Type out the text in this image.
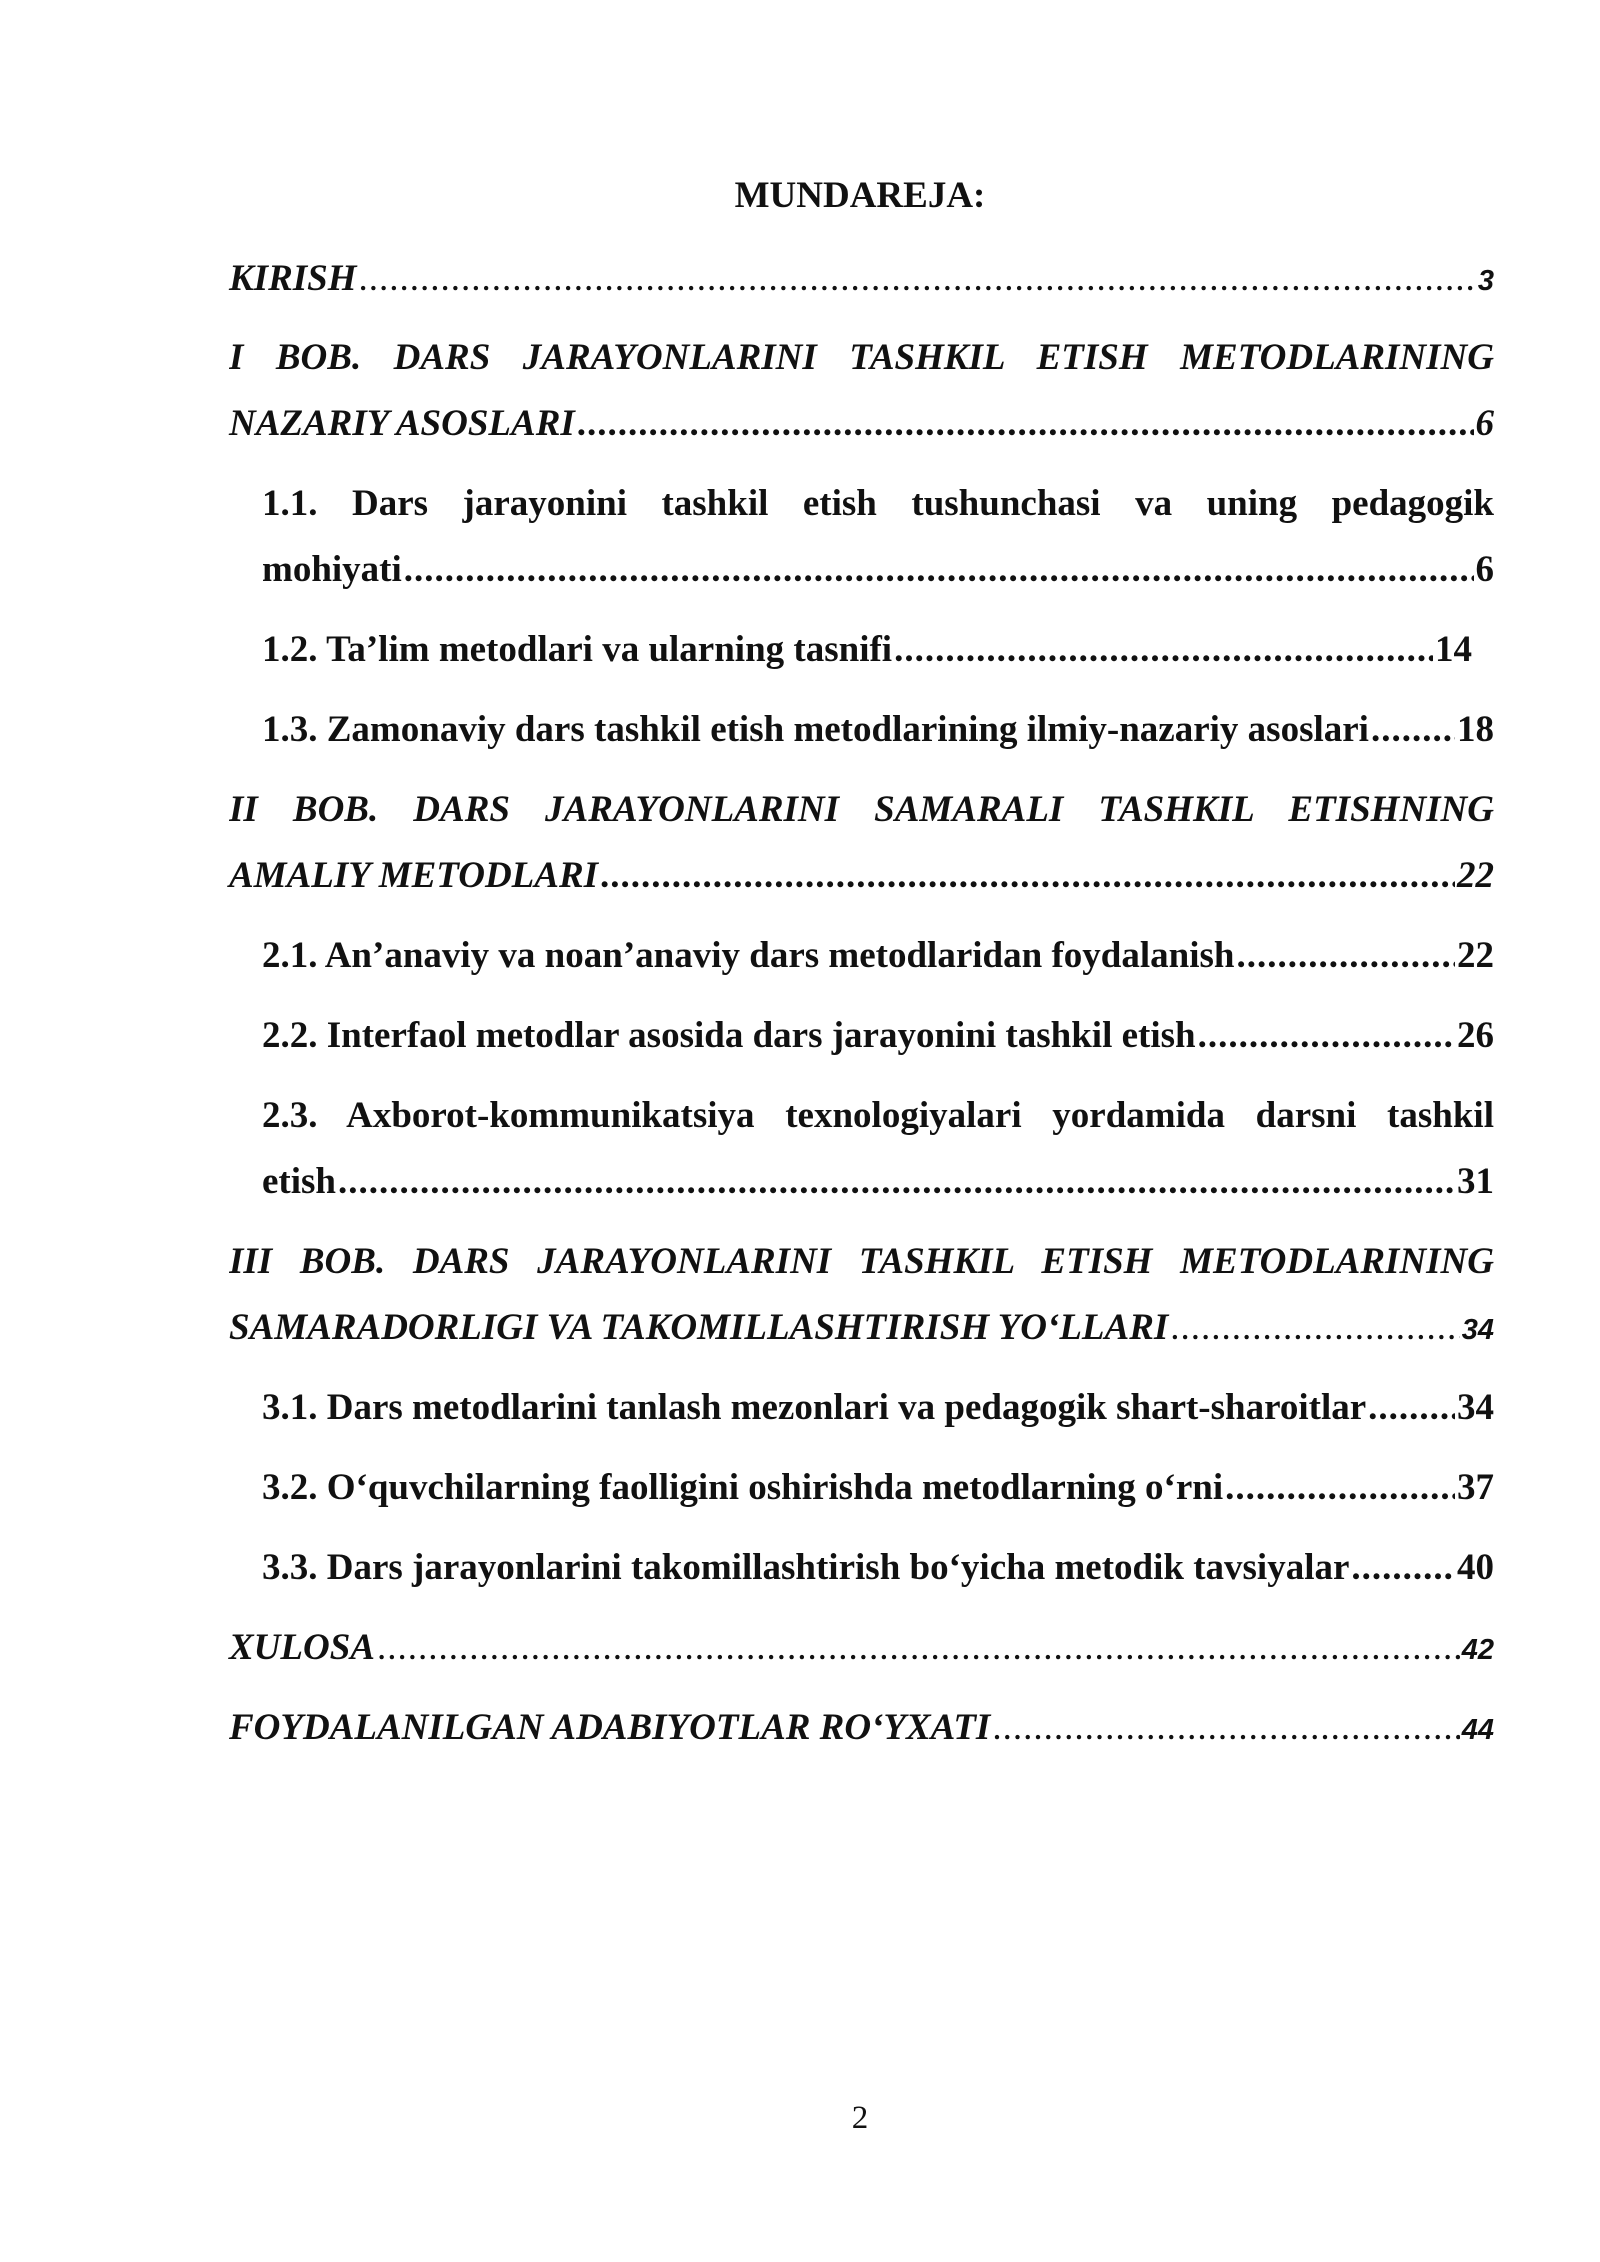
MUNDAREJA:
KIRISH .....	3
I BOB. DARS JARAYONLARINI TASHKIL ETISH METODLARINING
NAZARIY ASOSLARI .....	6
1.1. Dars jarayonini tashkil etish tushunchasi va uning pedagogik
mohiyati .....	6
1.2. Ta’lim metodlari va ularning tasnifi .....	14
1.3. Zamonaviy dars tashkil etish metodlarining ilmiy-nazariy asoslari ..... 18
II BOB. DARS JARAYONLARINI SAMARALI TASHKIL ETISHNING
AMALIY METODLARI .....	22
2.1. An’anaviy va noan’anaviy dars metodlaridan foydalanish .....	22
2.2. Interfaol metodlar asosida dars jarayonini tashkil etish .....	26
2.3. Axborot-kommunikatsiya texnologiyalari yordamida darsni tashkil
etish .....	31
III BOB. DARS JARAYONLARINI TASHKIL ETISH METODLARINING
SAMARADORLIGI VA TAKOMILLASHTIRISH YO‘LLARI .....	34
3.1. Dars metodlarini tanlash mezonlari va pedagogik shart-sharoitlar ..... 34
3.2. O‘quvchilarning faolligini oshirishda metodlarning o‘rni .....	37
3.3. Dars jarayonlarini takomillashtirish bo‘yicha metodik tavsiyalar .....	40
XULOSA .....	42
FOYDALANILGAN ADABIYOTLAR RO‘YXATI .....	44
2
